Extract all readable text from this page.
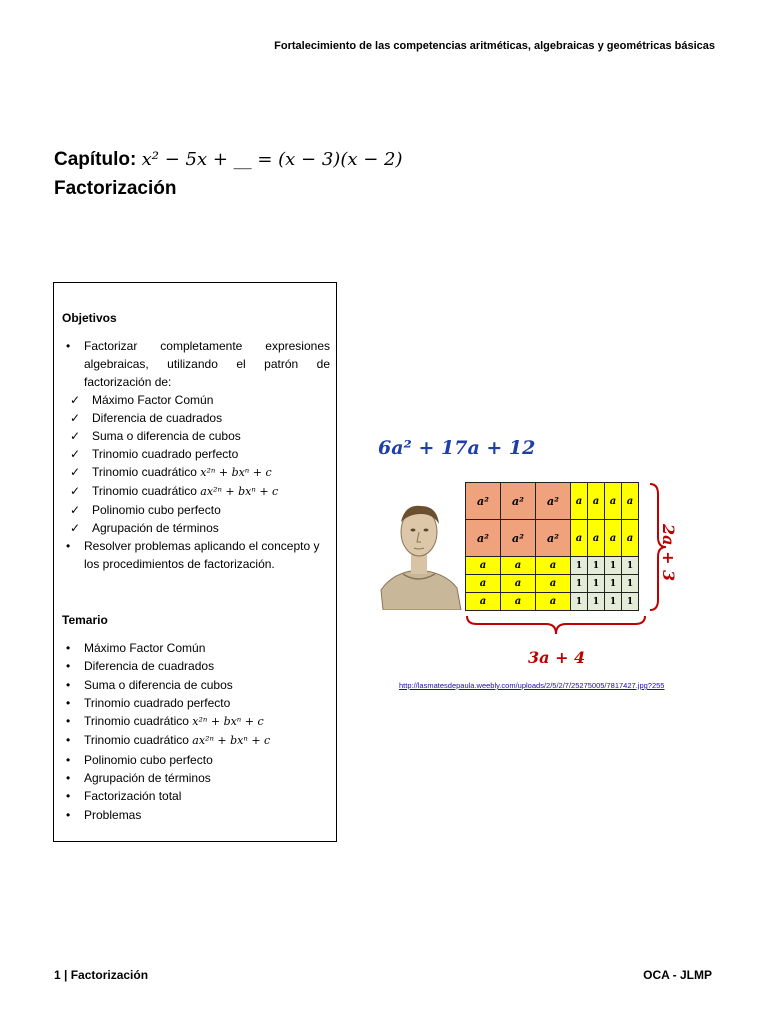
Fortalecimiento de las competencias aritméticas, algebraicas y geométricas básicas
Capítulo: x² − 5x + __ = (x − 3)(x − 2)
Factorización
Objetivos
• Factorizar completamente expresiones algebraicas, utilizando el patrón de factorización de:
✓ Máximo Factor Común
✓ Diferencia de cuadrados
✓ Suma o diferencia de cubos
✓ Trinomio cuadrado perfecto
✓ Trinomio cuadrático x²ⁿ + bxⁿ + c
✓ Trinomio cuadrático ax²ⁿ + bxⁿ + c
✓ Polinomio cubo perfecto
✓ Agrupación de términos
• Resolver problemas aplicando el concepto y los procedimientos de factorización.
Temario
• Máximo Factor Común
• Diferencia de cuadrados
• Suma o diferencia de cubos
• Trinomio cuadrado perfecto
• Trinomio cuadrático x²ⁿ + bxⁿ + c
• Trinomio cuadrático ax²ⁿ + bxⁿ + c
• Polinomio cubo perfecto
• Agrupación de términos
• Factorización total
• Problemas
6a² + 17a + 12
a²	a²	a²	a	a	a	a
a²	a²	a²	a	a	a	a
a	a	a	1	1	1	1
a	a	a	1	1	1	1
a	a	a	1	1	1	1
2a + 3
3a + 4
http://lasmatesdepaula.weebly.com/uploads/2/5/2/7/25275005/7817427.jpg?255
1 | Factorización	OCA - JLMP
